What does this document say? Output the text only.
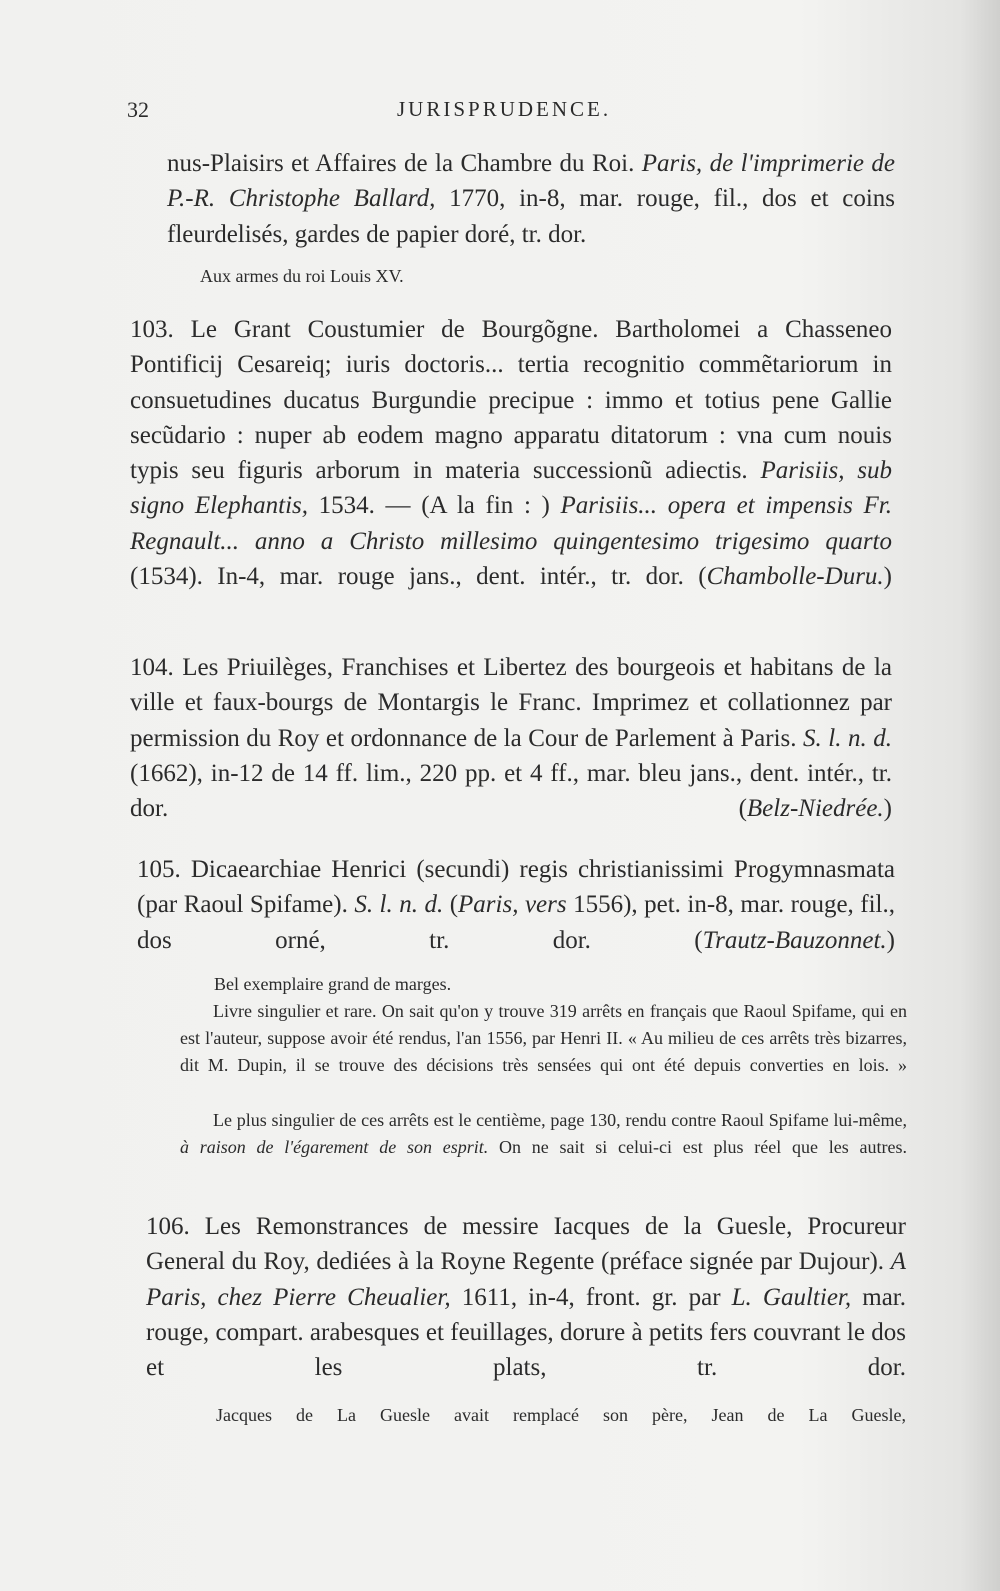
32	JURISPRUDENCE.

nus-Plaisirs et Affaires de la Chambre du Roi. Paris, de l'imprimerie de P.-R. Christophe Ballard, 1770, in-8, mar. rouge, fil., dos et coins fleurdelisés, gardes de papier doré, tr. dor.

Aux armes du roi Louis XV.

103. Le Grant Coustumier de Bourgõgne. Bartholomei a Chasseneo Pontificij Cesareiq; iuris doctoris... tertia recognitio commẽtariorum in consuetudines ducatus Burgundie precipue : immo et totius pene Gallie secũdario : nuper ab eodem magno apparatu ditatorum : vna cum nouis typis seu figuris arborum in materia successionũ adiectis. Parisiis, sub signo Elephantis, 1534. — (A la fin : ) Parisiis... opera et impensis Fr. Regnault... anno a Christo millesimo quingentesimo trigesimo quarto (1534). In-4, mar. rouge jans., dent. intér., tr. dor. (Chambolle-Duru.)

104. Les Priuilèges, Franchises et Libertez des bourgeois et habitans de la ville et faux-bourgs de Montargis le Franc. Imprimez et collationnez par permission du Roy et ordonnance de la Cour de Parlement à Paris. S. l. n. d. (1662), in-12 de 14 ff. lim., 220 pp. et 4 ff., mar. bleu jans., dent. intér., tr. dor. (Belz-Niedrée.)

105. Dicaearchiae Henrici (secundi) regis christianissimi Progymnasmata (par Raoul Spifame). S. l. n. d. (Paris, vers 1556), pet. in-8, mar. rouge, fil., dos orné, tr. dor. (Trautz-Bauzonnet.)

Bel exemplaire grand de marges.

Livre singulier et rare. On sait qu'on y trouve 319 arrêts en français que Raoul Spifame, qui en est l'auteur, suppose avoir été rendus, l'an 1556, par Henri II. « Au milieu de ces arrêts très bizarres, dit M. Dupin, il se trouve des décisions très sensées qui ont été depuis converties en lois. »

Le plus singulier de ces arrêts est le centième, page 130, rendu contre Raoul Spifame lui-même, à raison de l'égarement de son esprit. On ne sait si celui-ci est plus réel que les autres.

106. Les Remonstrances de messire Iacques de la Guesle, Procureur General du Roy, dediées à la Royne Regente (préface signée par Dujour). A Paris, chez Pierre Cheualier, 1611, in-4, front. gr. par L. Gaultier, mar. rouge, compart. arabesques et feuillages, dorure à petits fers couvrant le dos et les plats, tr. dor.

Jacques de La Guesle avait remplacé son père, Jean de La Guesle,
